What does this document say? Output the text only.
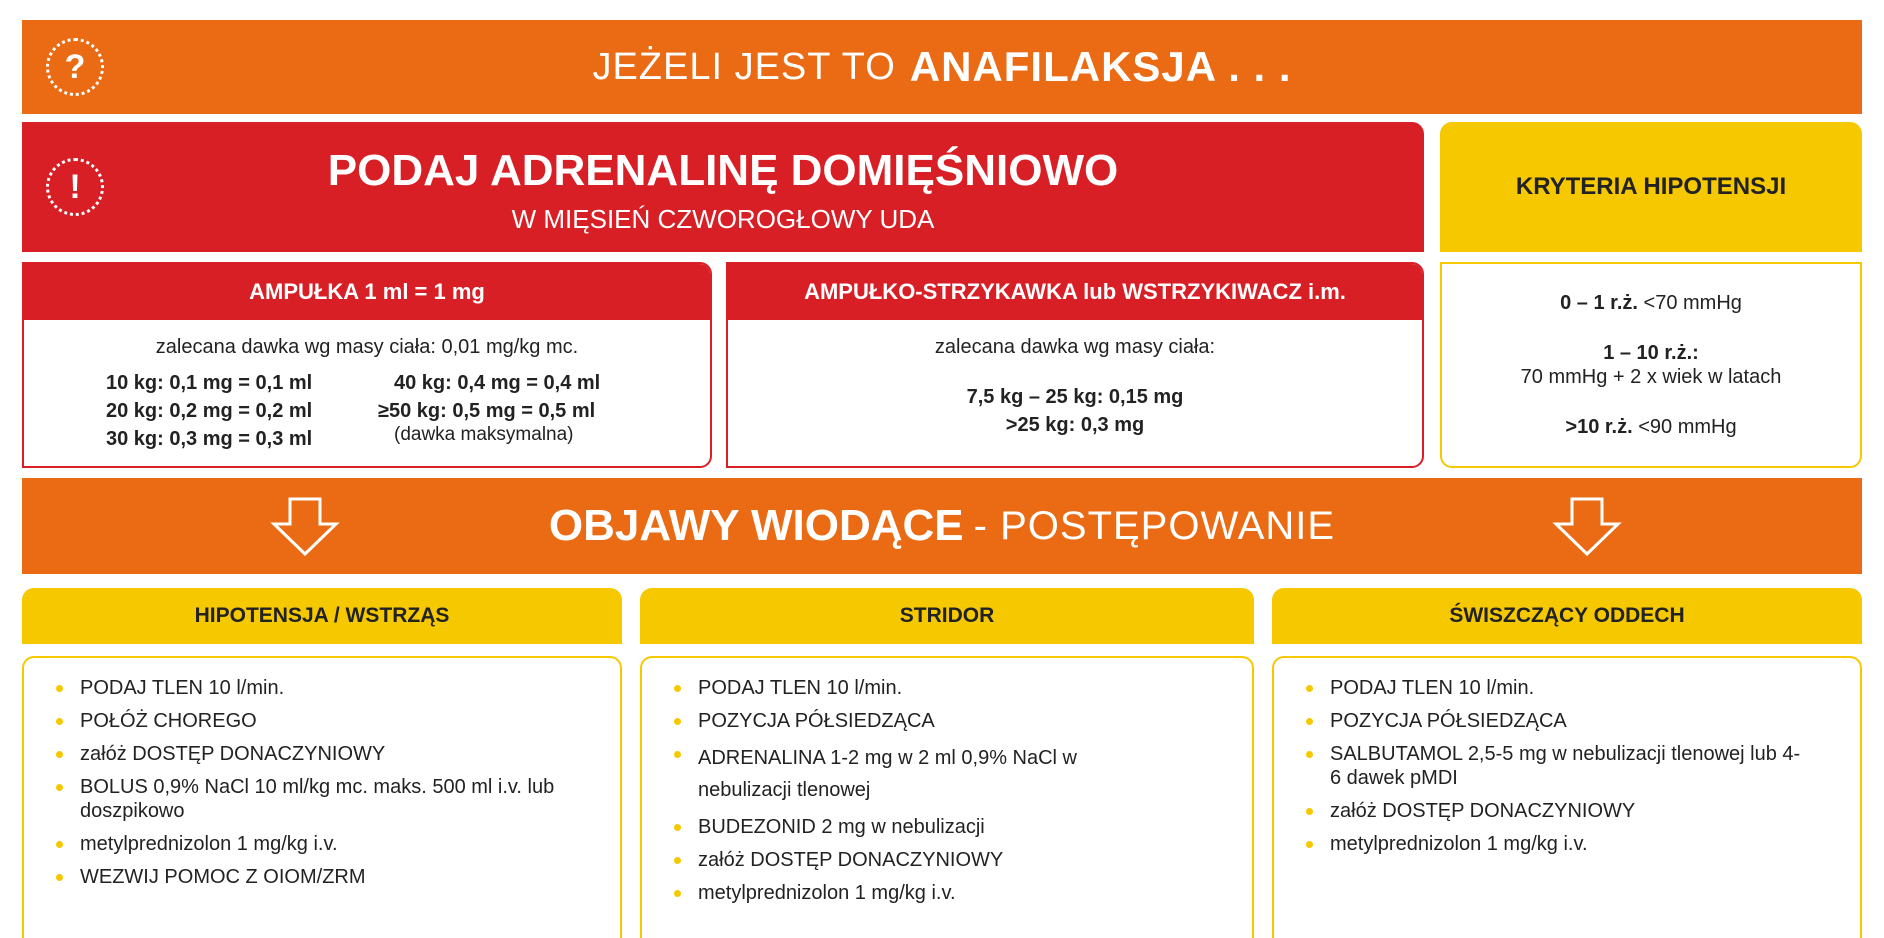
?	JEŻELI JEST TO ANAFILAKSJA . . .
!	PODAJ ADRENALINĘ DOMIĘŚNIOWO
W MIĘSIEŃ CZWOROGŁOWY UDA
KRYTERIA HIPOTENSJI
AMPUŁKA 1 ml = 1 mg
zalecana dawka wg masy ciała: 0,01 mg/kg mc.
10 kg: 0,1 mg = 0,1 ml
20 kg: 0,2 mg = 0,2 ml
30 kg: 0,3 mg = 0,3 ml
40 kg: 0,4 mg = 0,4 ml
≥50 kg: 0,5 mg = 0,5 ml
(dawka maksymalna)
AMPUŁKO-STRZYKAWKA lub WSTRZYKIWACZ i.m.
zalecana dawka wg masy ciała:
7,5 kg – 25 kg: 0,15 mg
>25 kg: 0,3 mg
0 – 1 r.ż. <70 mmHg
1 – 10 r.ż.:
70 mmHg + 2 x wiek w latach
>10 r.ż. <90 mmHg
OBJAWY WIODĄCE - POSTĘPOWANIE
HIPOTENSJA / WSTRZĄS	STRIDOR	ŚWISZCZĄCY ODDECH
PODAJ TLEN 10 l/min.
POŁÓŻ CHOREGO
załóż DOSTĘP DONACZYNIOWY
BOLUS 0,9% NaCl 10 ml/kg mc. maks. 500 ml i.v. lub doszpikowo
metylprednizolon 1 mg/kg i.v.
WEZWIJ POMOC Z OIOM/ZRM
PODAJ TLEN 10 l/min.
POZYCJA PÓŁSIEDZĄCA
ADRENALINA 1-2 mg w 2 ml 0,9% NaCl w nebulizacji tlenowej
BUDEZONID 2 mg w nebulizacji
załóż DOSTĘP DONACZYNIOWY
metylprednizolon 1 mg/kg i.v.
PODAJ TLEN 10 l/min.
POZYCJA PÓŁSIEDZĄCA
SALBUTAMOL 2,5-5 mg w nebulizacji tlenowej lub 4-6 dawek pMDI
załóż DOSTĘP DONACZYNIOWY
metylprednizolon 1 mg/kg i.v.
